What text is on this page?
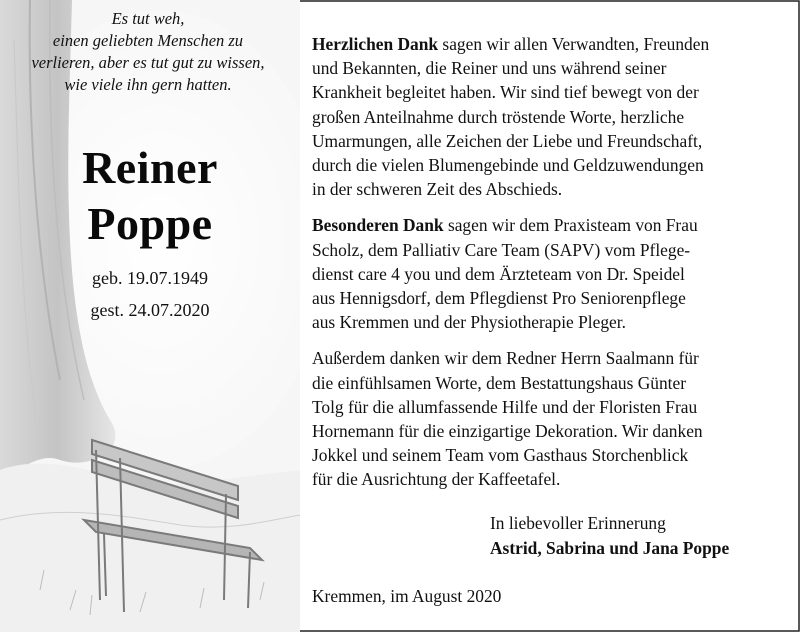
Es tut weh,
einen geliebten Menschen zu
verlieren, aber es tut gut zu wissen,
wie viele ihn gern hatten.
Reiner
Poppe
geb. 19.07.1949
gest. 24.07.2020

Herzlichen Dank sagen wir allen Verwandten, Freunden
und Bekannten, die Reiner und uns während seiner
Krankheit begleitet haben. Wir sind tief bewegt von der
großen Anteilnahme durch tröstende Worte, herzliche
Umarmungen, alle Zeichen der Liebe und Freundschaft,
durch die vielen Blumengebinde und Geldzuwendungen
in der schweren Zeit des Abschieds.

Besonderen Dank sagen wir dem Praxisteam von Frau
Scholz, dem Palliativ Care Team (SAPV) vom Pflege-
dienst care 4 you und dem Ärzteteam von Dr. Speidel
aus Hennigsdorf, dem Pflegdienst Pro Seniorenpflege
aus Kremmen und der Physiotherapie Pleger.

Außerdem danken wir dem Redner Herrn Saalmann für
die einfühlsamen Worte, dem Bestattungshaus Günter
Tolg für die allumfassende Hilfe und der Floristen Frau
Hornemann für die einzigartige Dekoration. Wir danken
Jokkel und seinem Team vom Gasthaus Storchenblick
für die Ausrichtung der Kaffeetafel.

In liebevoller Erinnerung
Astrid, Sabrina und Jana Poppe
Kremmen, im August 2020
